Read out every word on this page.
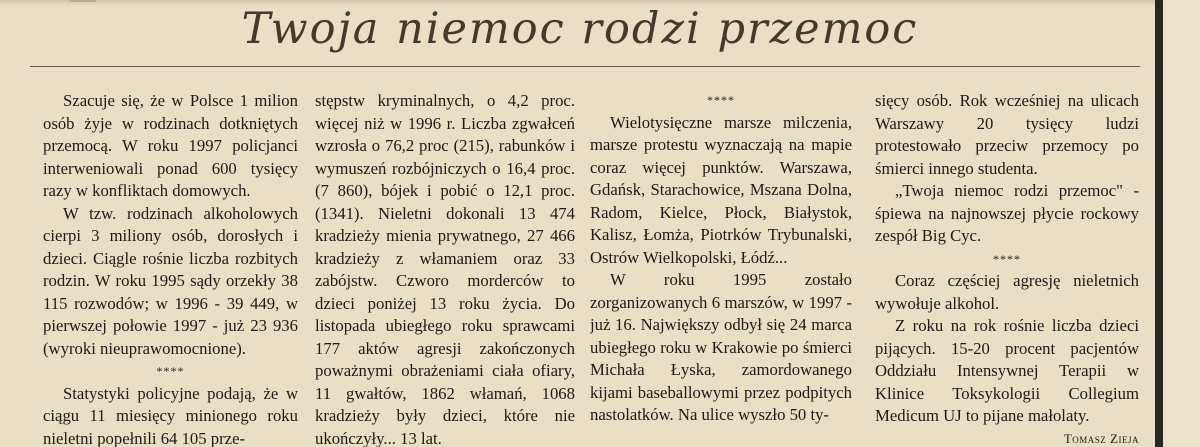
Twoja niemoc rodzi przemoc

Szacuje się, że w Polsce 1 milion osób żyje w rodzinach dotkniętych przemocą. W roku 1997 policjanci interweniowali ponad 600 tysięcy razy w konfliktach domowych.

W tzw. rodzinach alkoholowych cierpi 3 miliony osób, dorosłych i dzieci. Ciągle rośnie liczba rozbitych rodzin. W roku 1995 sądy orzekły 38 115 rozwodów; w 1996 - 39 449, w pierwszej połowie 1997 - już 23 936 (wyroki nieuprawomocnione).

****

Statystyki policyjne podają, że w ciągu 11 miesięcy minionego roku nieletni popełnili 64 105 prze-

stępstw kryminalnych, o 4,2 proc. więcej niż w 1996 r. Liczba zgwałceń wzrosła o 76,2 proc (215), rabunków i wymuszeń rozbójniczych o 16,4 proc. (7 860), bójek i pobić o 12,1 proc. (1341). Nieletni dokonali 13 474 kradzieży mienia prywatnego, 27 466 kradzieży z włamaniem oraz 33 zabójstw. Czworo morderców to dzieci poniżej 13 roku życia. Do listopada ubiegłego roku sprawcami 177 aktów agresji zakończonych poważnymi obrażeniami ciała ofiary, 11 gwałtów, 1862 włamań, 1068 kradzieży były dzieci, które nie ukończyły... 13 lat.

****

Wielotysięczne marsze milczenia, marsze protestu wyznaczają na mapie coraz więcej punktów. Warszawa, Gdańsk, Starachowice, Mszana Dolna, Radom, Kielce, Płock, Białystok, Kalisz, Łomża, Piotrków Trybunalski, Ostrów Wielkopolski, Łódź...

W roku 1995 zostało zorganizowanych 6 marszów, w 1997 - już 16. Największy odbył się 24 marca ubiegłego roku w Krakowie po śmierci Michała Łyska, zamordowanego kijami baseballowymi przez podpitych nastolatków. Na ulice wyszło 50 ty-

sięcy osób. Rok wcześniej na ulicach Warszawy 20 tysięcy ludzi protestowało przeciw przemocy po śmierci innego studenta.

„Twoja niemoc rodzi przemoc" - śpiewa na najnowszej płycie rockowy zespół Big Cyc.

****

Coraz częściej agresję nieletnich wywołuje alkohol.

Z roku na rok rośnie liczba dzieci pijących. 15-20 procent pacjentów Oddziału Intensywnej Terapii w Klinice Toksykologii Collegium Medicum UJ to pijane małolaty.

Tomasz Zieja
